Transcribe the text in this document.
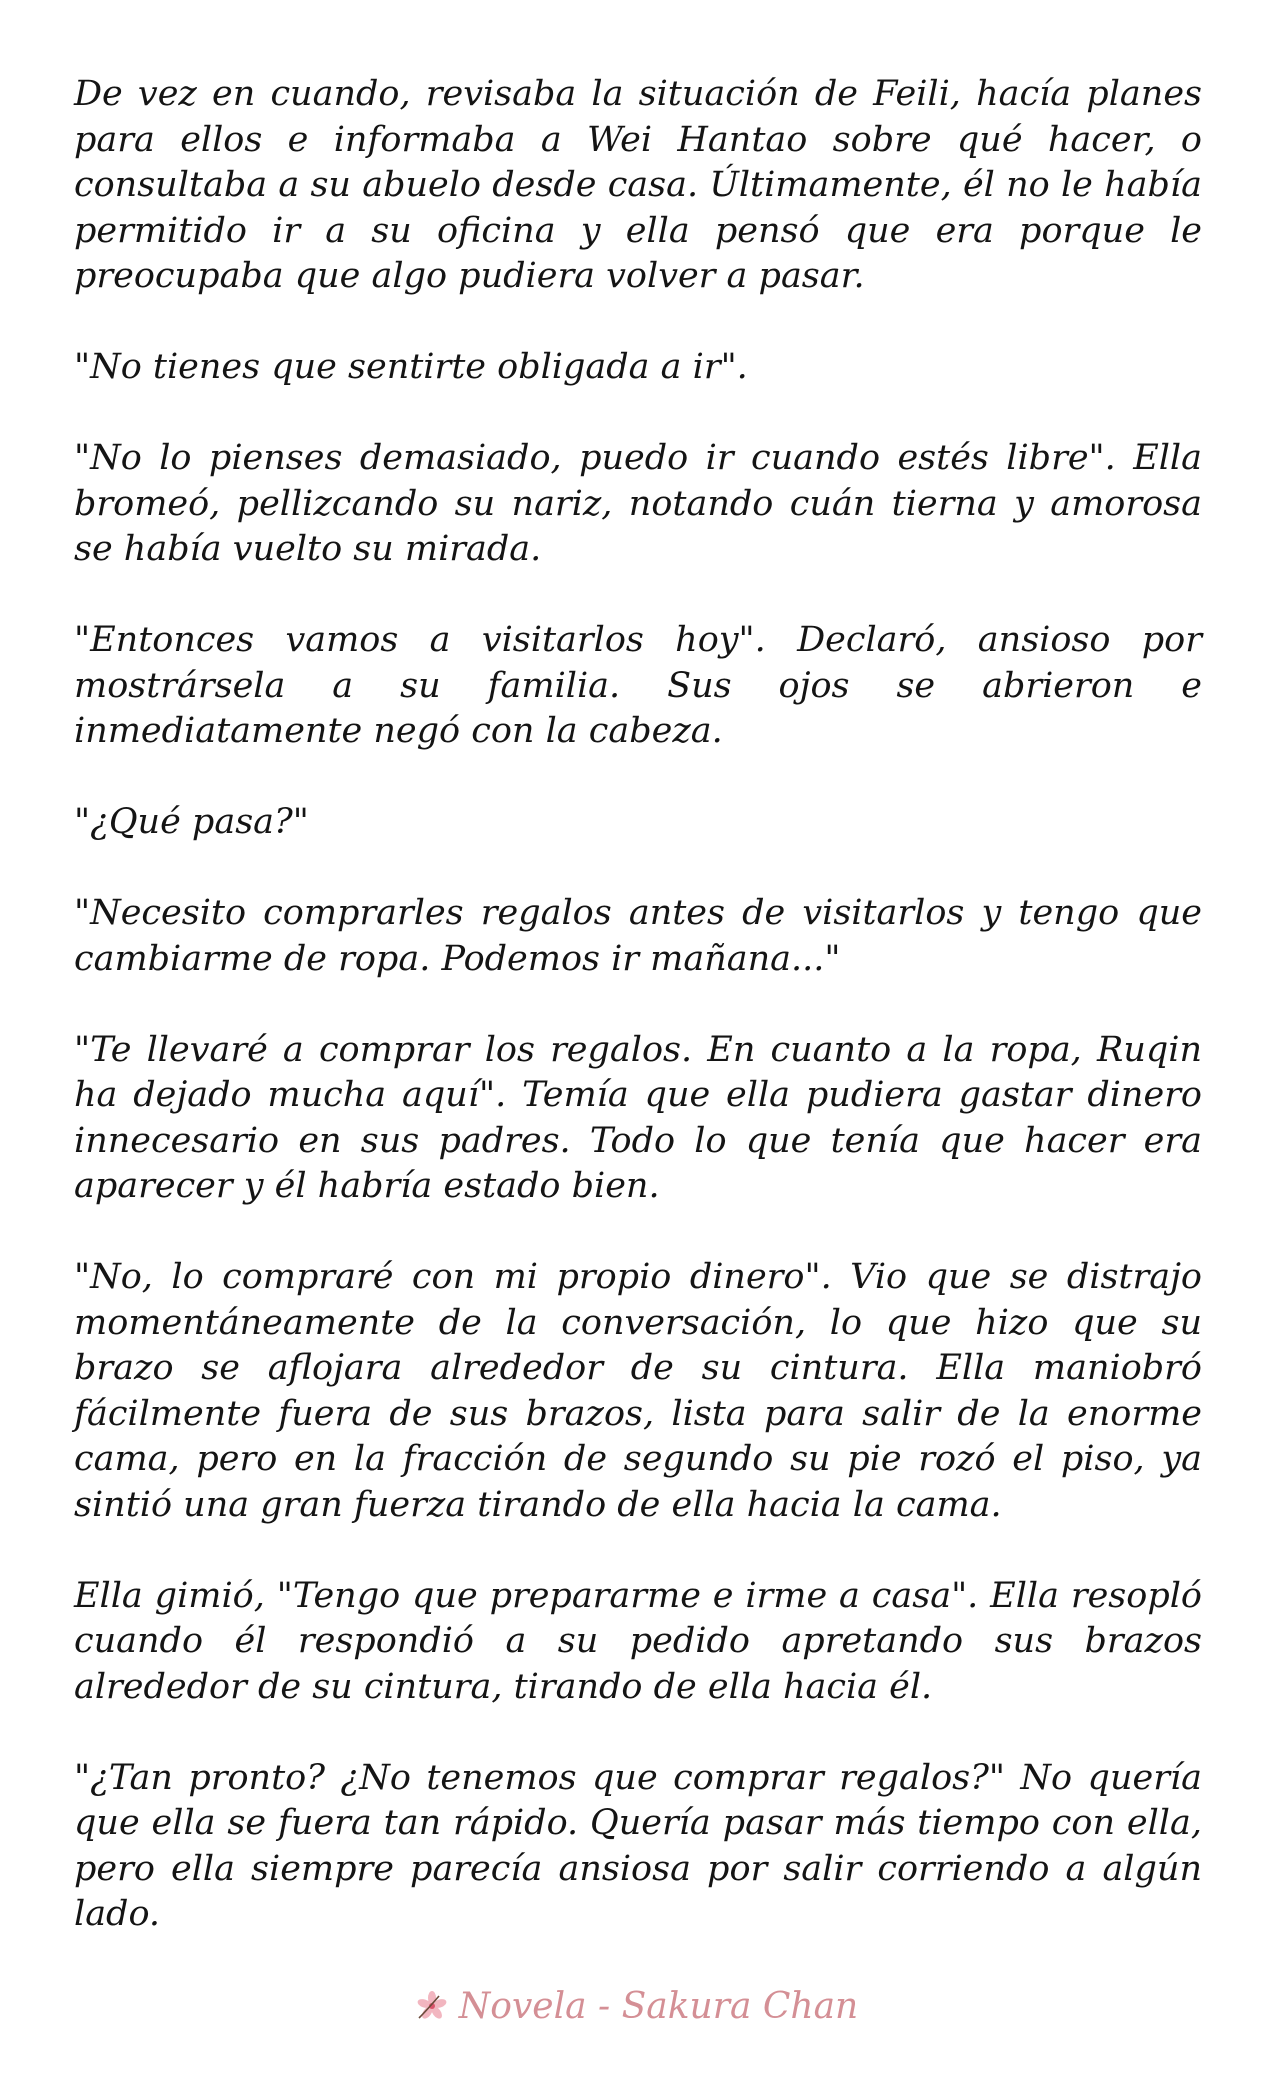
De vez en cuando, revisaba la situación de Feili, hacía planes para ellos e informaba a Wei Hantao sobre qué hacer, o consultaba a su abuelo desde casa. Últimamente, él no le había permitido ir a su oficina y ella pensó que era porque le preocupaba que algo pudiera volver a pasar.

"No tienes que sentirte obligada a ir".

"No lo pienses demasiado, puedo ir cuando estés libre". Ella bromeó, pellizcando su nariz, notando cuán tierna y amorosa se había vuelto su mirada.

"Entonces vamos a visitarlos hoy". Declaró, ansioso por mostrársela a su familia. Sus ojos se abrieron e inmediatamente negó con la cabeza.

"¿Qué pasa?"

"Necesito comprarles regalos antes de visitarlos y tengo que cambiarme de ropa. Podemos ir mañana..."

"Te llevaré a comprar los regalos. En cuanto a la ropa, Ruqin ha dejado mucha aquí". Temía que ella pudiera gastar dinero innecesario en sus padres. Todo lo que tenía que hacer era aparecer y él habría estado bien.

"No, lo compraré con mi propio dinero". Vio que se distrajo momentáneamente de la conversación, lo que hizo que su brazo se aflojara alrededor de su cintura. Ella maniobró fácilmente fuera de sus brazos, lista para salir de la enorme cama, pero en la fracción de segundo su pie rozó el piso, ya sintió una gran fuerza tirando de ella hacia la cama.

Ella gimió, "Tengo que prepararme e irme a casa". Ella resopló cuando él respondió a su pedido apretando sus brazos alrededor de su cintura, tirando de ella hacia él.

"¿Tan pronto? ¿No tenemos que comprar regalos?" No quería que ella se fuera tan rápido. Quería pasar más tiempo con ella, pero ella siempre parecía ansiosa por salir corriendo a algún lado.

Novela - Sakura Chan
